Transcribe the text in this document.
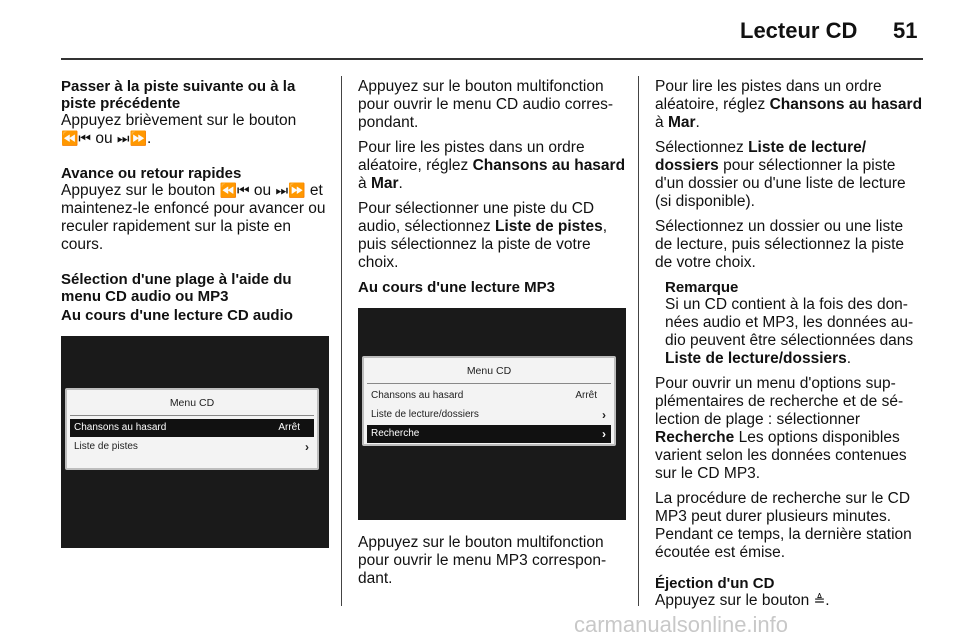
Lecteur CD 51
Passer à la piste suivante ou à la piste précédente

Appuyez brièvement sur le bouton
⏪⏮ ou ⏭⏩.

Avance ou retour rapides

Appuyez sur le bouton ⏪⏮ ou ⏭⏩ et maintenez-le enfoncé pour avancer ou reculer rapidement sur la piste en cours.

Sélection d'une plage à l'aide du menu CD audio ou MP3
Au cours d'une lecture CD audio
Menu CD
Chansons au hasard	Arrêt
Liste de pistes	›

Appuyez sur le bouton multifonction pour ouvrir le menu CD audio corres-pondant.

Pour lire les pistes dans un ordre aléatoire, réglez Chansons au hasard à Mar.

Pour sélectionner une piste du CD audio, sélectionnez Liste de pistes, puis sélectionnez la piste de votre choix.

Au cours d'une lecture MP3
Menu CD
Chansons au hasard	Arrêt
Liste de lecture/dossiers	›
Recherche	›

Appuyez sur le bouton multifonction pour ouvrir le menu MP3 correspon-dant.

Pour lire les pistes dans un ordre aléatoire, réglez Chansons au hasard à Mar.

Sélectionnez Liste de lecture/ dossiers pour sélectionner la piste d'un dossier ou d'une liste de lecture (si disponible).

Sélectionnez un dossier ou une liste de lecture, puis sélectionnez la piste de votre choix.

Remarque
Si un CD contient à la fois des don-nées audio et MP3, les données au-dio peuvent être sélectionnées dans Liste de lecture/dossiers.

Pour ouvrir un menu d'options sup-plémentaires de recherche et de sé-lection de plage : sélectionner Recherche Les options disponibles varient selon les données contenues sur le CD MP3.

La procédure de recherche sur le CD MP3 peut durer plusieurs minutes. Pendant ce temps, la dernière station écoutée est émise.

Éjection d'un CD

Appuyez sur le bouton ≜.

carmanualsonline.info
